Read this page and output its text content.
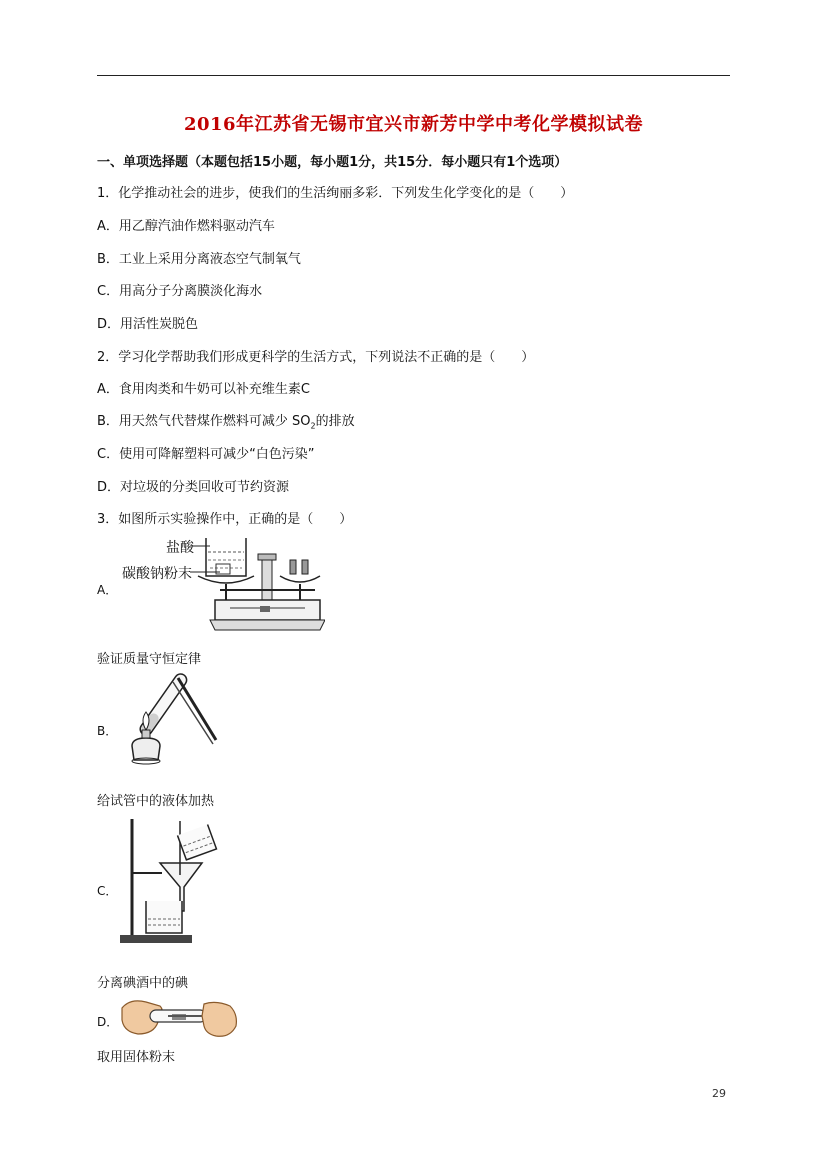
2016年江苏省无锡市宜兴市新芳中学中考化学模拟试卷
一、单项选择题（本题包括15小题，每小题1分，共15分．每小题只有1个选项）
1．化学推动社会的进步，使我们的生活绚丽多彩．下列发生化学变化的是（　　）
A．用乙醇汽油作燃料驱动汽车
B．工业上采用分离液态空气制氧气
C．用高分子分离膜淡化海水
D．用活性炭脱色
2．学习化学帮助我们形成更科学的生活方式，下列说法不正确的是（　　）
A．食用肉类和牛奶可以补充维生素C
B．用天然气代替煤作燃料可减少 $SO_2$的排放
C．使用可降解塑料可减少“白色污染”
D．对垃圾的分类回收可节约资源
3．如图所示实验操作中，正确的是（　　）
A．
盐酸
碳酸钠粉末
验证质量守恒定律
B．
给试管中的液体加热
C．
分离碘酒中的碘
D．
取用固体粉末
29
